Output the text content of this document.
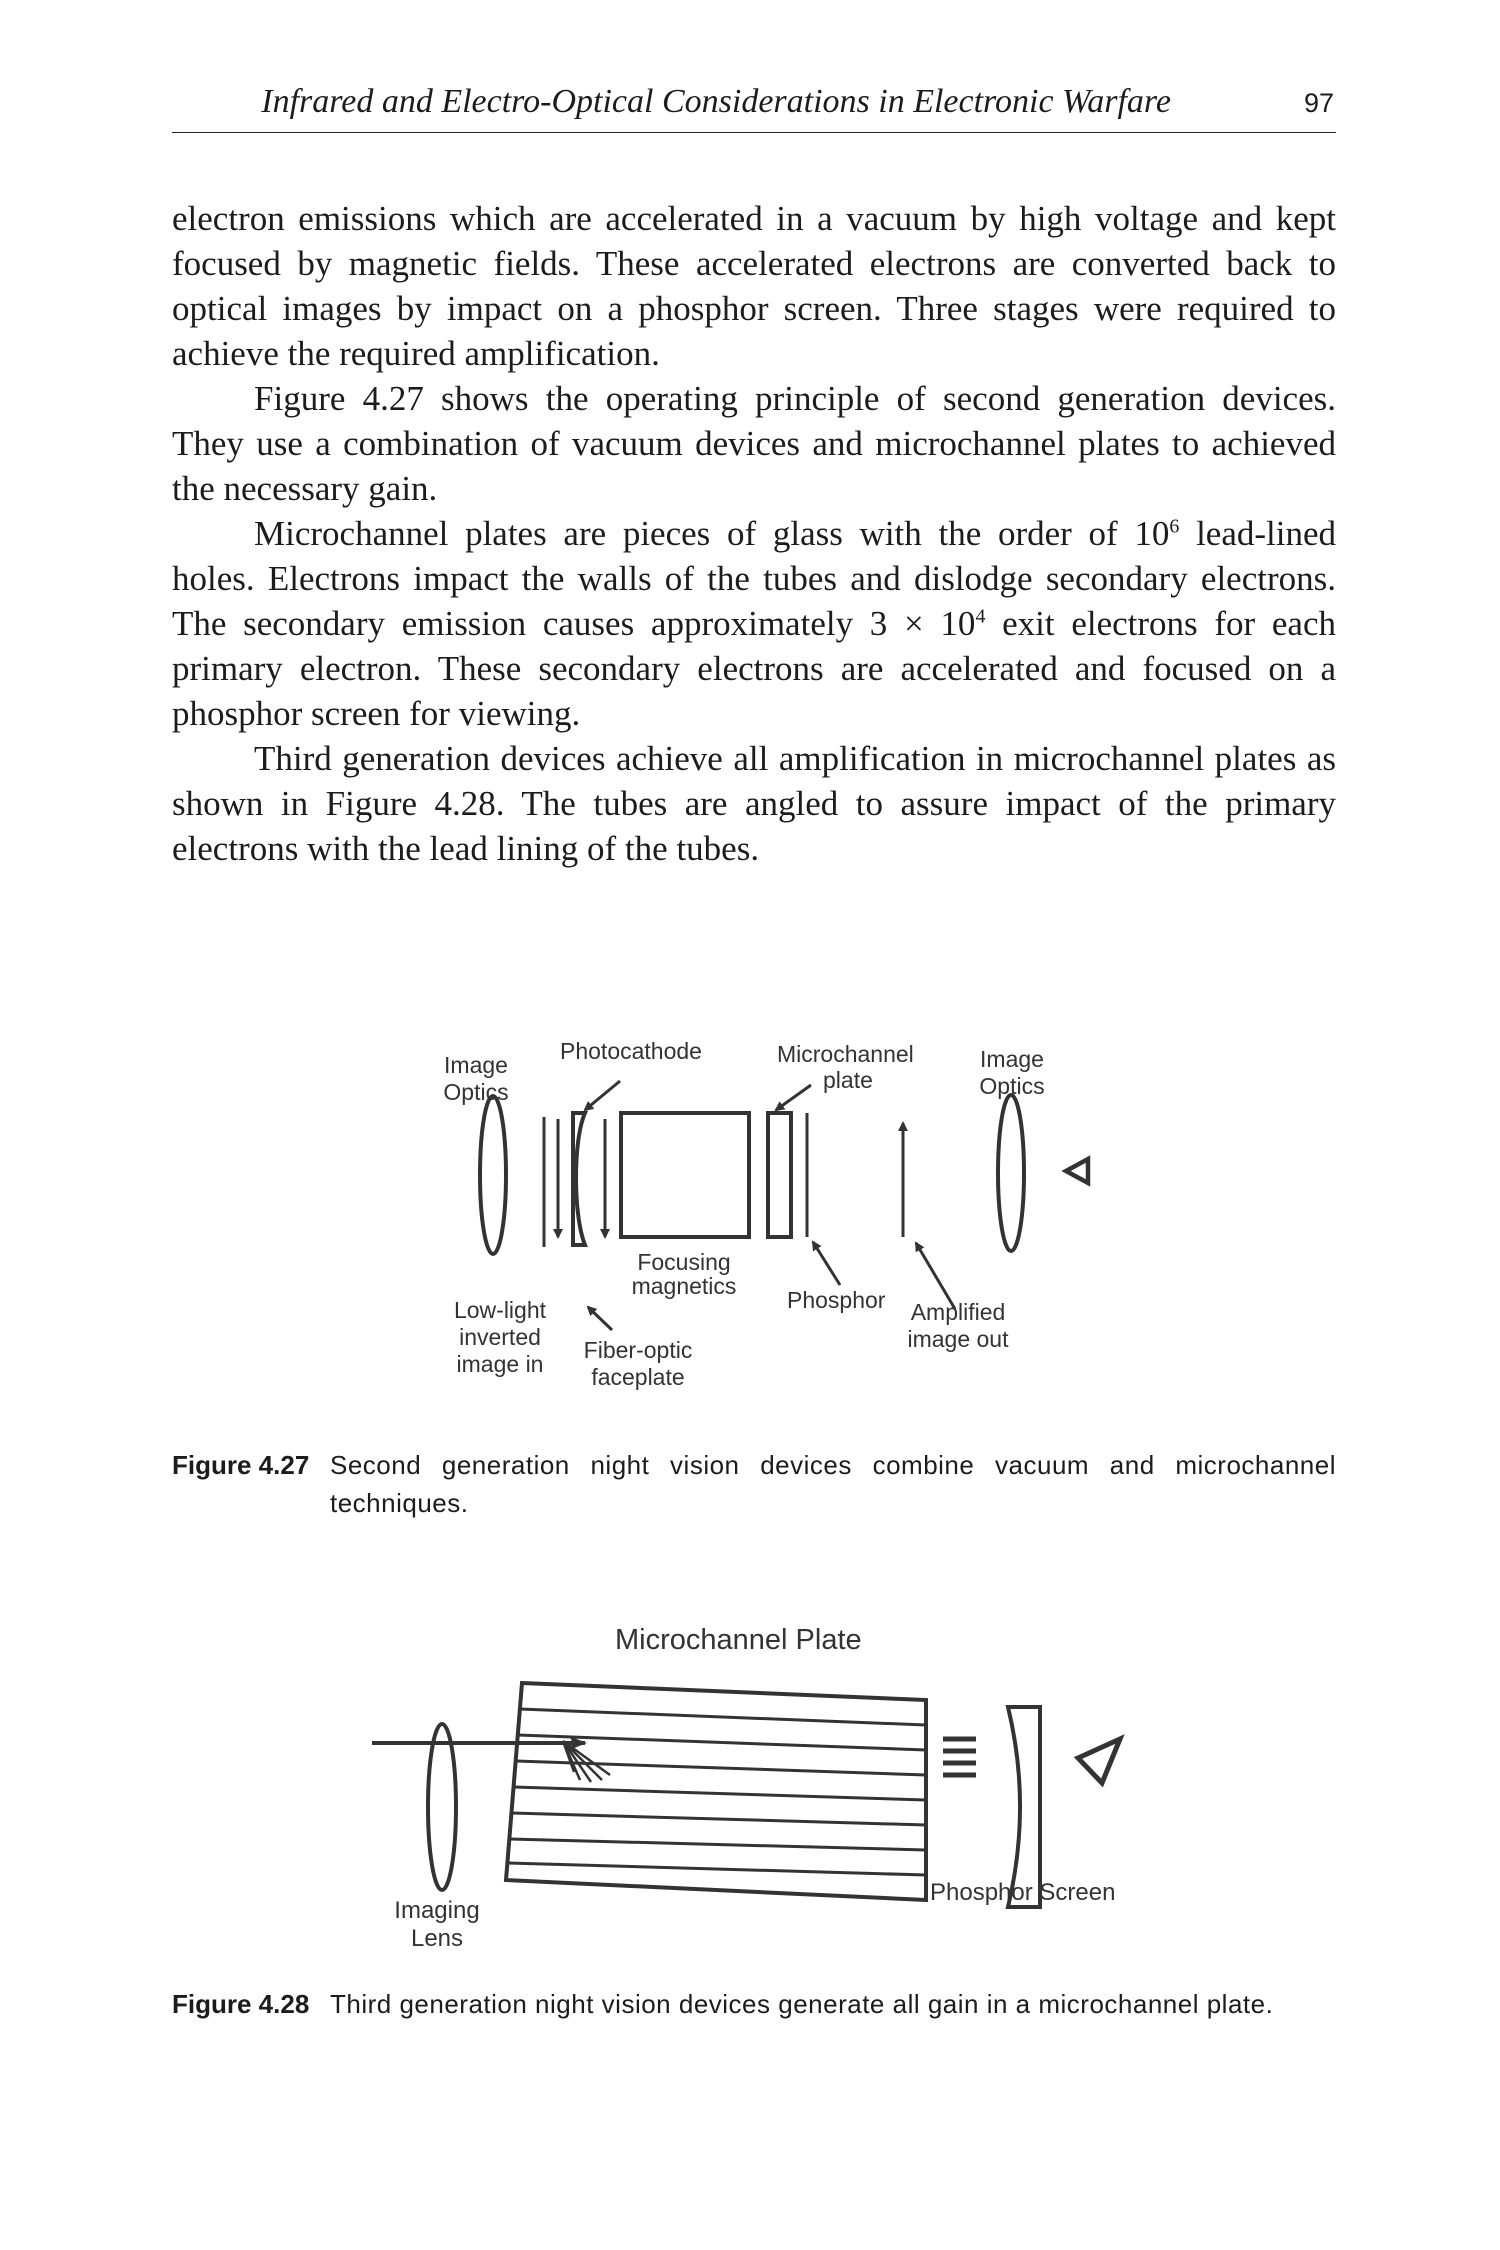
Infrared and Electro-Optical Considerations in Electronic Warfare	97

electron emissions which are accelerated in a vacuum by high voltage and kept focused by magnetic fields. These accelerated electrons are converted back to optical images by impact on a phosphor screen. Three stages were required to achieve the required amplification.

Figure 4.27 shows the operating principle of second generation devices. They use a combination of vacuum devices and microchannel plates to achieved the necessary gain.

Microchannel plates are pieces of glass with the order of $10^6$ lead-lined holes. Electrons impact the walls of the tubes and dislodge secondary electrons. The secondary emission causes approximately $3 \times 10^4$ exit electrons for each primary electron. These secondary electrons are accelerated and focused on a phosphor screen for viewing.

Third generation devices achieve all amplification in microchannel plates as shown in Figure 4.28. The tubes are angled to assure impact of the primary electrons with the lead lining of the tubes.

Image Optics
Photocathode	Microchannel plate
Image Optics
Focusing magnetics
Phosphor
Low-light inverted image in
Amplified image out
Fiber-optic faceplate
Figure 4.27 Second generation night vision devices combine vacuum and microchannel techniques.
Microchannel Plate
Imaging Lens
Phosphor Screen
Figure 4.28 Third generation night vision devices generate all gain in a microchannel plate.
